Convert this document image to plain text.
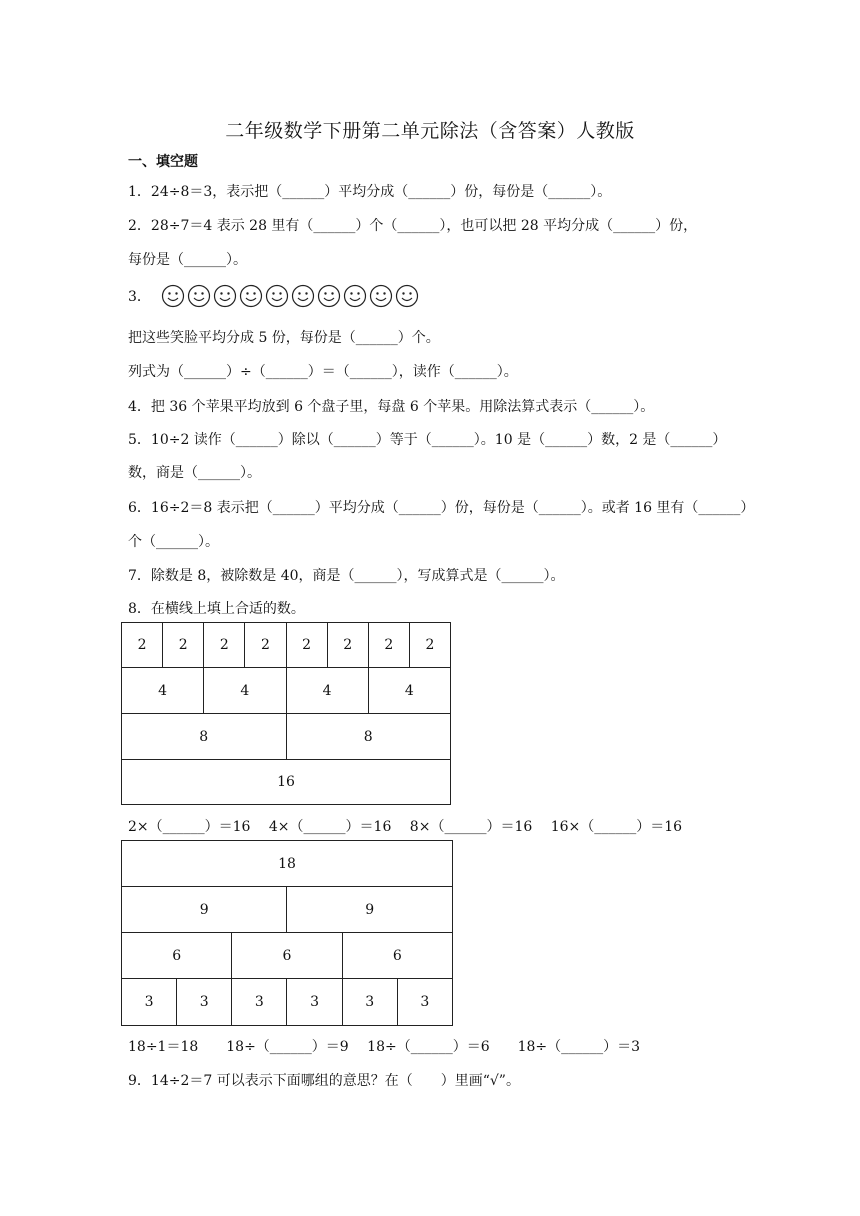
二年级数学下册第二单元除法（含答案）人教版
一、填空题
1．24÷8＝3，表示把（______）平均分成（______）份，每份是（______）。
2．28÷7＝4 表示 28 里有（______）个（______），也可以把 28 平均分成（______）份，
每份是（______）。
3．
把这些笑脸平均分成 5 份，每份是（______）个。
列式为（______）÷（______）＝（______），读作（______）。
4．把 36 个苹果平均放到 6 个盘子里，每盘 6 个苹果。用除法算式表示（______）。
5．10÷2 读作（______）除以（______）等于（______）。10 是（______）数，2 是（______）
数，商是（______）。
6．16÷2＝8 表示把（______）平均分成（______）份，每份是（______）。或者 16 里有（______）
个（______）。
7．除数是 8，被除数是 40，商是（______），写成算式是（______）。
8．在横线上填上合适的数。
2	2	2	2	2	2	2	2
4		4		4		4	
8				8			
16							
2×（______）＝16　 4×（______）＝16　 8×（______）＝16　 16×（______）＝16
18					
9			9		
6		6		6	
3	3	3	3	3	3
18÷1＝18　　18÷（______）＝9　 18÷（______）＝6　　18÷（______）＝3
9．14÷2＝7 可以表示下面哪组的意思？在（　　）里画“√”。
